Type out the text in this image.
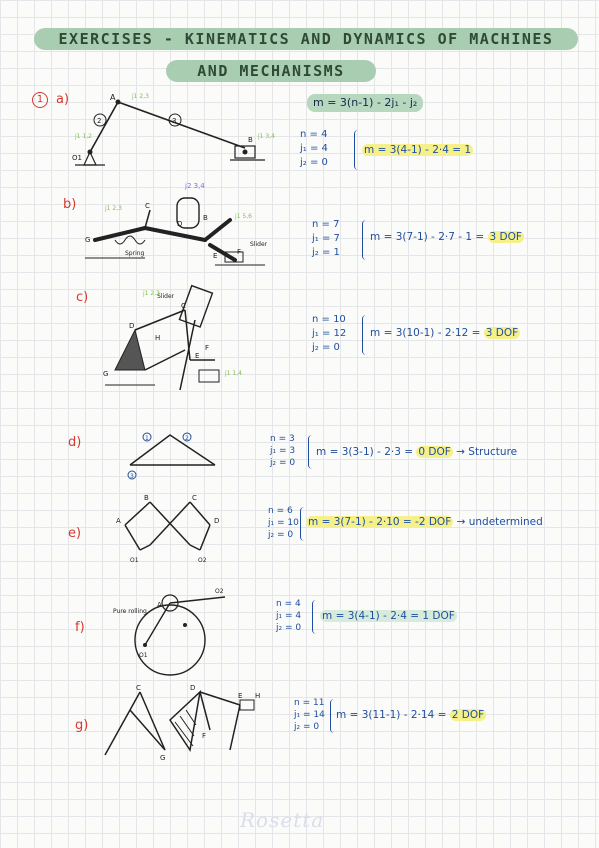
EXERCISES - KINEMATICS AND DYNAMICS OF MACHINES
AND MECHANISMS
1	m = 3(n-1) - 2j₁ - j₂
a)
b)
c)
d)
e)
f)
g)
n = 4
j₁ = 4
j₂ = 0
m = 3(4-1) - 2·4 = 1
n = 7
j₁ = 7
j₂ = 1
m = 3(7-1) - 2·7 - 1 = 3 DOF
n = 10
j₁ = 12
j₂ = 0
m = 3(10-1) - 2·12 = 3 DOF
n = 3
j₁ = 3
j₂ = 0
m = 3(3-1) - 2·3 = 0 DOF → Structure
n = 6
j₁ = 10
j₂ = 0
m = 3(7-1) - 2·10 = -2 DOF → undetermined
n = 4
j₁ = 4
j₂ = 0
m = 3(4-1) - 2·4 = 1 DOF
n = 11
j₁ = 14
j₂ = 0
m = 3(11-1) - 2·14 = 2 DOF
A
2	3
O1
B
j1 2,3
j1 3,4
j1 1,2
C
D
B
G
E	F
Spring
Slider
j2 3,4
j1 2,3
j1 5,6
Slider
G
D
C
E
F
H
j1 2,3
j1 1,4
1	2
3
A
B	C
D
O1	O2
A
Pure rolling
O1
O2
C	D
E
F
G
H
Rosetta
